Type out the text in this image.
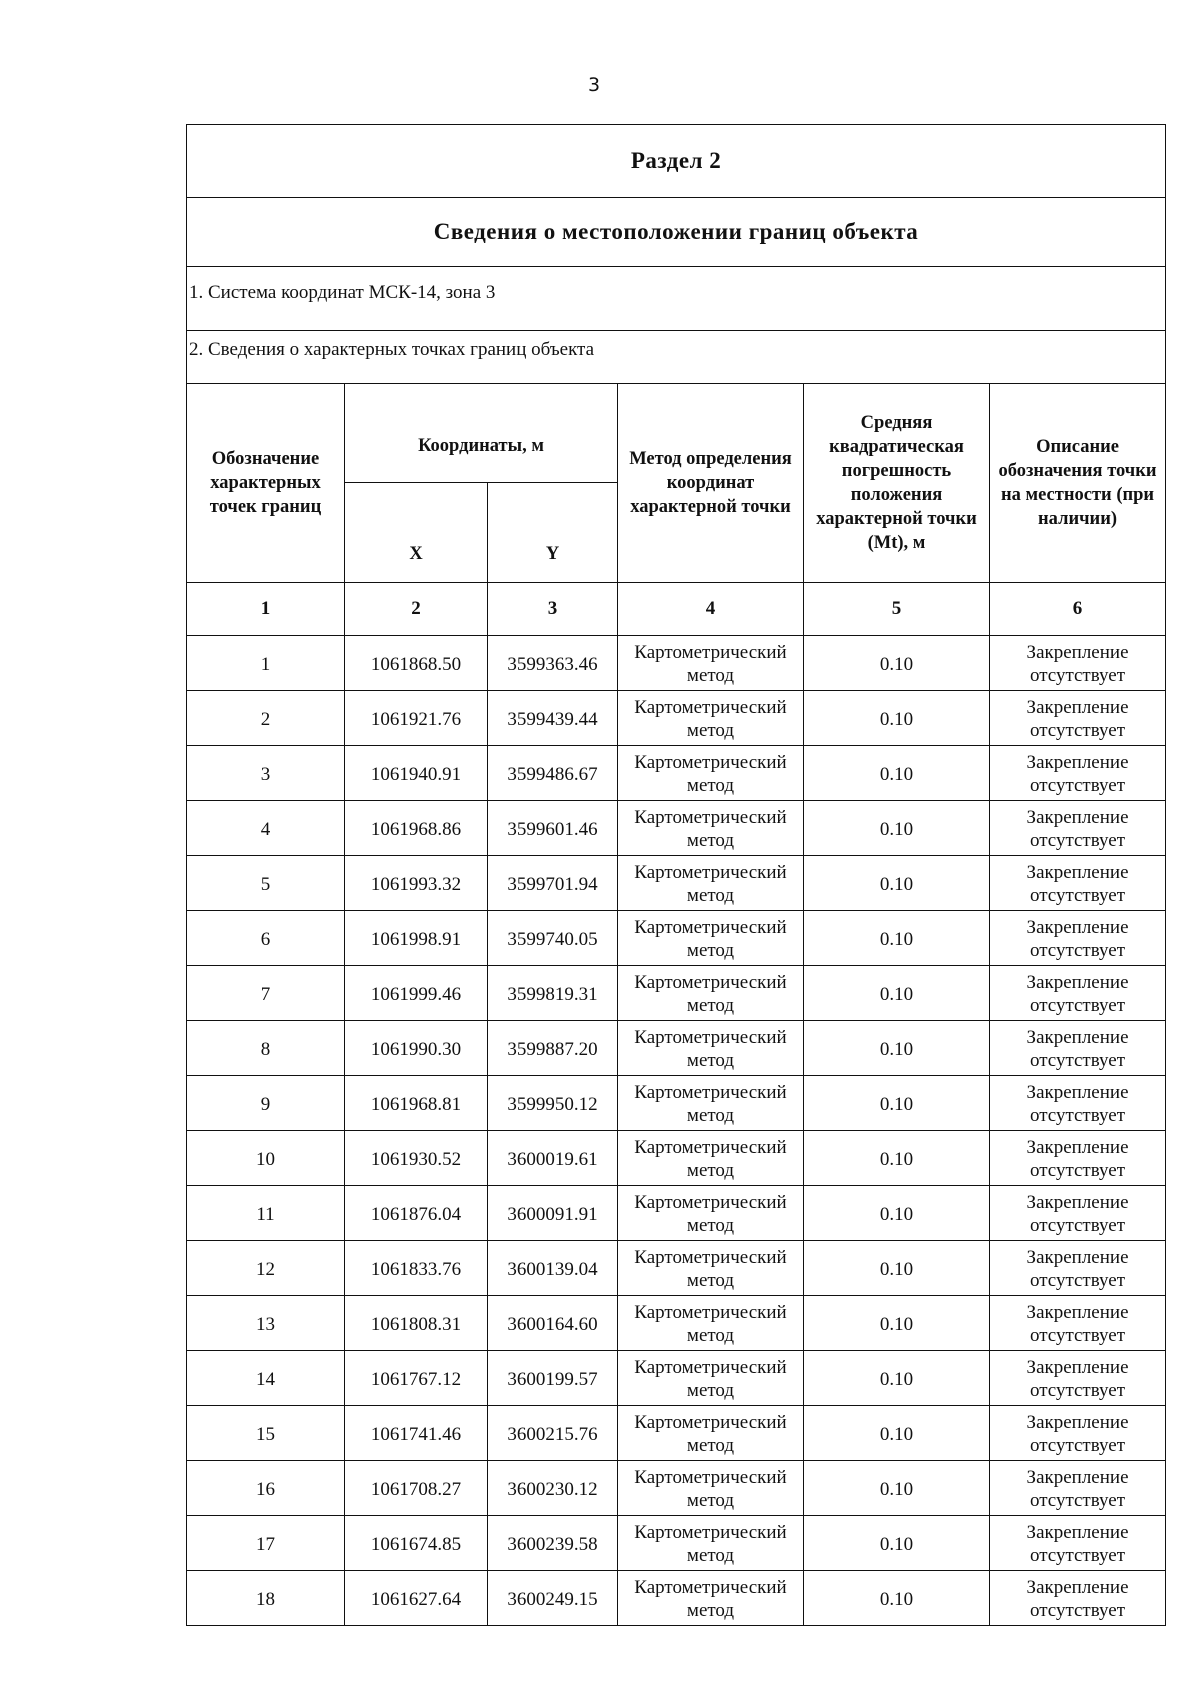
3
Раздел 2					
Сведения о местоположении границ объекта					
1. Система координат МСК-14, зона 3					
2. Сведения о характерных точках границ объекта					
Обозначение характерных точек границ	Координаты, м		Метод определения координат характерной точки	Средняя квадратическая погрешность положения характерной точки (Mt), м	Описание обозначения точки на местности (при наличии)
	X	Y			
1	2	3	4	5	6
1	1061868.50	3599363.46	Картометрический метод	0.10	Закрепление отсутствует
2	1061921.76	3599439.44	Картометрический метод	0.10	Закрепление отсутствует
3	1061940.91	3599486.67	Картометрический метод	0.10	Закрепление отсутствует
4	1061968.86	3599601.46	Картометрический метод	0.10	Закрепление отсутствует
5	1061993.32	3599701.94	Картометрический метод	0.10	Закрепление отсутствует
6	1061998.91	3599740.05	Картометрический метод	0.10	Закрепление отсутствует
7	1061999.46	3599819.31	Картометрический метод	0.10	Закрепление отсутствует
8	1061990.30	3599887.20	Картометрический метод	0.10	Закрепление отсутствует
9	1061968.81	3599950.12	Картометрический метод	0.10	Закрепление отсутствует
10	1061930.52	3600019.61	Картометрический метод	0.10	Закрепление отсутствует
11	1061876.04	3600091.91	Картометрический метод	0.10	Закрепление отсутствует
12	1061833.76	3600139.04	Картометрический метод	0.10	Закрепление отсутствует
13	1061808.31	3600164.60	Картометрический метод	0.10	Закрепление отсутствует
14	1061767.12	3600199.57	Картометрический метод	0.10	Закрепление отсутствует
15	1061741.46	3600215.76	Картометрический метод	0.10	Закрепление отсутствует
16	1061708.27	3600230.12	Картометрический метод	0.10	Закрепление отсутствует
17	1061674.85	3600239.58	Картометрический метод	0.10	Закрепление отсутствует
18	1061627.64	3600249.15	Картометрический метод	0.10	Закрепление отсутствует
